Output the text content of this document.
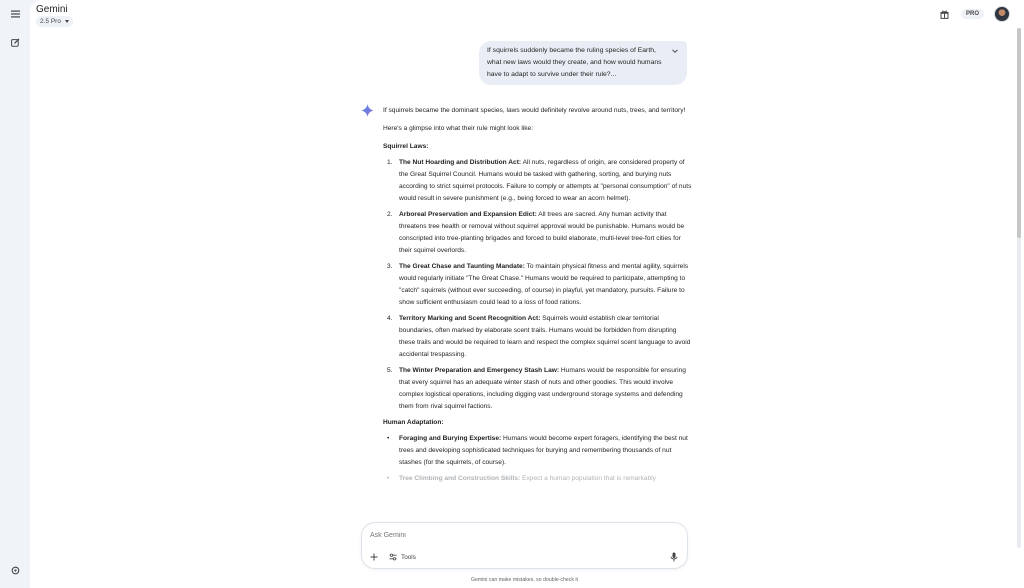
Gemini
2.5 Pro
PRO
If squirrels suddenly became the ruling species of Earth, what new laws would they create, and how would humans have to adapt to survive under their rule?...

If squirrels became the dominant species, laws would definitely revolve around nuts, trees, and territory!

Here's a glimpse into what their rule might look like:

Squirrel Laws:
1. The Nut Hoarding and Distribution Act: All nuts, regardless of origin, are considered property of the Great Squirrel Council. Humans would be tasked with gathering, sorting, and burying nuts according to strict squirrel protocols. Failure to comply or attempts at "personal consumption" of nuts would result in severe punishment (e.g., being forced to wear an acorn helmet).
2. Arboreal Preservation and Expansion Edict: All trees are sacred. Any human activity that threatens tree health or removal without squirrel approval would be punishable. Humans would be conscripted into tree-planting brigades and forced to build elaborate, multi-level tree-fort cities for their squirrel overlords.
3. The Great Chase and Taunting Mandate: To maintain physical fitness and mental agility, squirrels would regularly initiate "The Great Chase." Humans would be required to participate, attempting to "catch" squirrels (without ever succeeding, of course) in playful, yet mandatory, pursuits. Failure to show sufficient enthusiasm could lead to a loss of food rations.
4. Territory Marking and Scent Recognition Act: Squirrels would establish clear territorial boundaries, often marked by elaborate scent trails. Humans would be forbidden from disrupting these trails and would be required to learn and respect the complex squirrel scent language to avoid accidental trespassing.
5. The Winter Preparation and Emergency Stash Law: Humans would be responsible for ensuring that every squirrel has an adequate winter stash of nuts and other goodies. This would involve complex logistical operations, including digging vast underground storage systems and defending them from rival squirrel factions.
Human Adaptation:
• Foraging and Burying Expertise: Humans would become expert foragers, identifying the best nut trees and developing sophisticated techniques for burying and remembering thousands of nut stashes (for the squirrels, of course).
• Tree Climbing and Construction Skills: Expect a human population that is remarkably
Ask Gemini
Tools
Gemini can make mistakes, so double-check it
